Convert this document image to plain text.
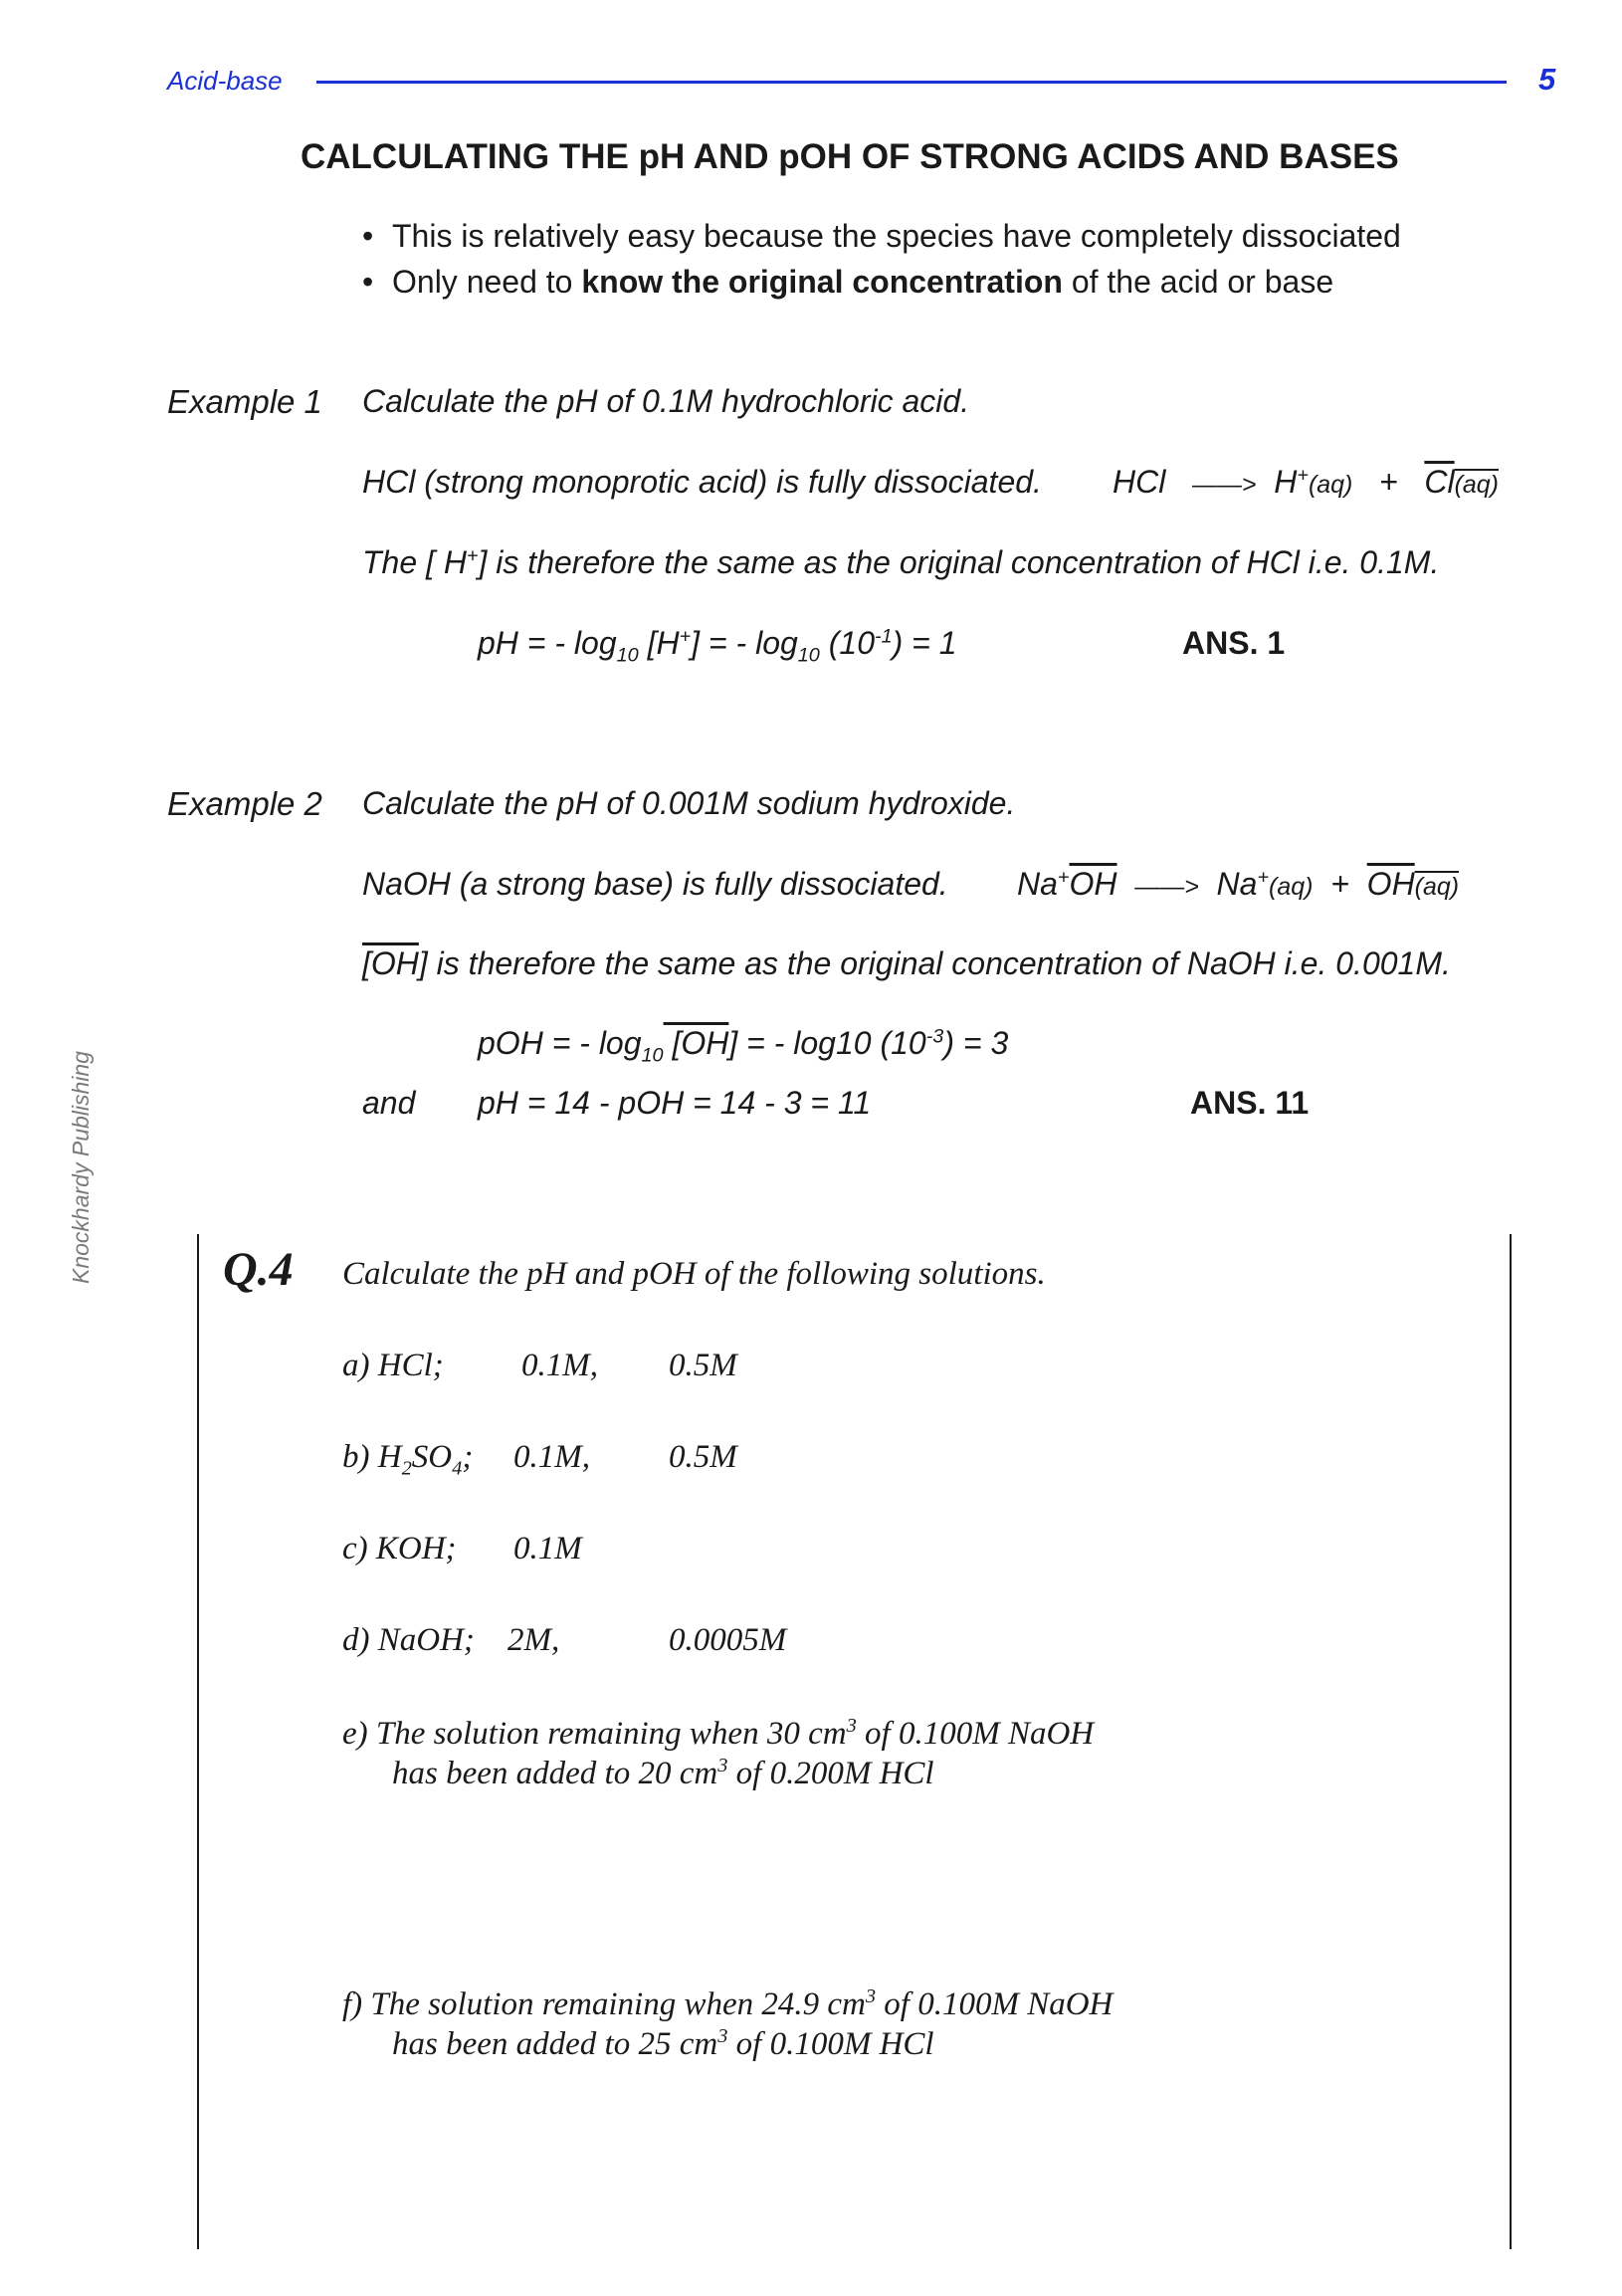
Acid-base	5
Knockhardy Publishing
CALCULATING THE pH AND pOH OF STRONG ACIDS AND BASES
• This is relatively easy because the species have completely dissociated
• Only need to know the original concentration of the acid or base
Example 1 Calculate the pH of 0.1M hydrochloric acid.
HCl (strong monoprotic acid) is fully dissociated. HCl ——> $H^+(aq) + \overline{Cl}(aq)$
The [ H+] is therefore the same as the original concentration of HCl i.e. 0.1M.
pH = - $\log_{10} [H^+]$ = - $\log_{10} (10^{-1}) = 1$	ANS. 1
Example 2 Calculate the pH of 0.001M sodium hydroxide.
NaOH (a strong base) is fully dissociated. $Na^+\overline{OH}$ ——> $Na^+(aq) + \overline{OH}(aq)$
[OH] is therefore the same as the original concentration of NaOH i.e. 0.001M.
pOH = - $\log_{10} [OH]$ = - log10 $(10^{-3}) = 3$
and pH = 14 - pOH = 14 - 3 = 11	ANS. 11
Q.4 Calculate the pH and pOH of the following solutions.
a) HCl; 0.1M, 0.5M
b) $H_2SO_4$; 0.1M, 0.5M
c) KOH; 0.1M
d) NaOH; 2M,	0.0005M
e) The solution remaining when 30 $cm^3$ of 0.100M NaOH
has been added to 20 $cm^3$ of 0.200M HCl
f) The solution remaining when 24.9 $cm^3$ of 0.100M NaOH
has been added to 25 $cm^3$ of 0.100M HCl
